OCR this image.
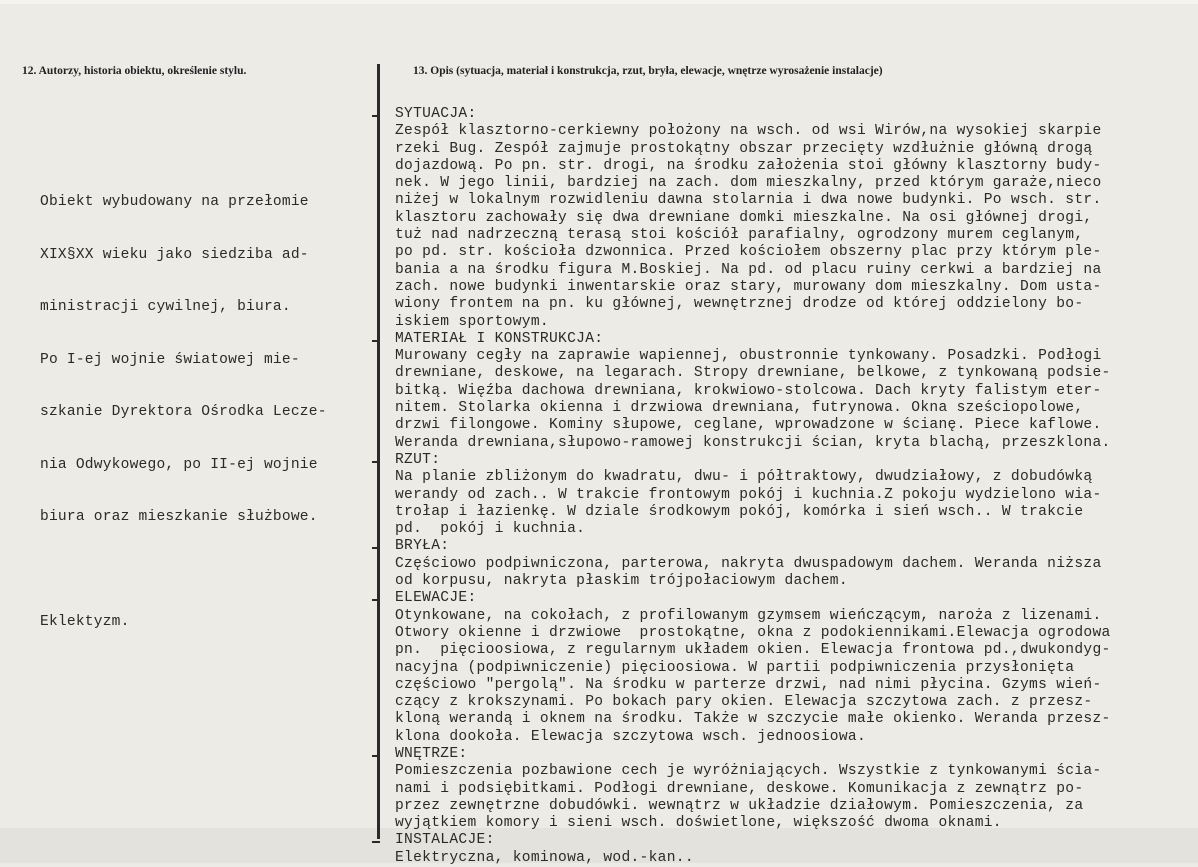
12. Autorzy, historia obiektu, określenie stylu.	13. Opis (sytuacja, materiał i konstrukcja, rzut, bryła, elewacje, wnętrze wyrosażenie instalacje)

Obiekt wybudowany na przełomie

XIX§XX wieku jako siedziba ad-

ministracji cywilnej, biura.

Po I-ej wojnie światowej mie-

szkanie Dyrektora Ośrodka Lecze-

nia Odwykowego, po II-ej wojnie

biura oraz mieszkanie służbowe.

Eklektyzm.

SYTUACJA:

Zespół klasztorno-cerkiewny położony na wsch. od wsi Wirów,na wysokiej skarpie

rzeki Bug. Zespół zajmuje prostokątny obszar przecięty wzdłużnie główną drogą

dojazdową. Po pn. str. drogi, na środku założenia stoi główny klasztorny budy-

nek. W jego linii, bardziej na zach. dom mieszkalny, przed którym garaże,nieco

niżej w lokalnym rozwidleniu dawna stolarnia i dwa nowe budynki. Po wsch. str.

klasztoru zachowały się dwa drewniane domki mieszkalne. Na osi głównej drogi,

tuż nad nadrzeczną terasą stoi kościół parafialny, ogrodzony murem ceglanym,

po pd. str. kościoła dzwonnica. Przed kościołem obszerny plac przy którym ple-

bania a na środku figura M.Boskiej. Na pd. od placu ruiny cerkwi a bardziej na

zach. nowe budynki inwentarskie oraz stary, murowany dom mieszkalny. Dom usta-

wiony frontem na pn. ku głównej, wewnętrznej drodze od której oddzielony bo-

iskiem sportowym.

MATERIAŁ I KONSTRUKCJA:

Murowany cegły na zaprawie wapiennej, obustronnie tynkowany. Posadzki. Podłogi

drewniane, deskowe, na legarach. Stropy drewniane, belkowe, z tynkowaną podsie-

bitką. Więźba dachowa drewniana, krokwiowo-stolcowa. Dach kryty falistym eter-

nitem. Stolarka okienna i drzwiowa drewniana, futrynowa. Okna sześciopolowe,

drzwi filongowe. Kominy słupowe, ceglane, wprowadzone w ścianę. Piece kaflowe.

Weranda drewniana,słupowo-ramowej konstrukcji ścian, kryta blachą, przeszklona.

RZUT:

Na planie zbliżonym do kwadratu, dwu- i półtraktowy, dwudziałowy, z dobudówką

werandy od zach.. W trakcie frontowym pokój i kuchnia.Z pokoju wydzielono wia-

trołap i łazienkę. W dziale środkowym pokój, komórka i sień wsch.. W trakcie

pd.  pokój i kuchnia.

BRYŁA:

Częściowo podpiwniczona, parterowa, nakryta dwuspadowym dachem. Weranda niższa

od korpusu, nakryta płaskim trójpołaciowym dachem.

ELEWACJE:

Otynkowane, na cokołach, z profilowanym gzymsem wieńczącym, naroża z lizenami.

Otwory okienne i drzwiowe  prostokątne, okna z podokiennikami.Elewacja ogrodowa

pn.  pięcioosiowa, z regularnym układem okien. Elewacja frontowa pd.,dwukondyg-

nacyjna (podpiwniczenie) pięcioosiowa. W partii podpiwniczenia przysłonięta

częściowo "pergolą". Na środku w parterze drzwi, nad nimi płycina. Gzyms wień-

czący z krokszynami. Po bokach pary okien. Elewacja szczytowa zach. z przesz-

kloną werandą i oknem na środku. Także w szczycie małe okienko. Weranda przesz-

klona dookoła. Elewacja szczytowa wsch. jednoosiowa.

WNĘTRZE:

Pomieszczenia pozbawione cech je wyróżniających. Wszystkie z tynkowanymi ścia-

nami i podsiębitkami. Podłogi drewniane, deskowe. Komunikacja z zewnątrz po-

przez zewnętrzne dobudówki. wewnątrz w układzie działowym. Pomieszczenia, za

wyjątkiem komory i sieni wsch. doświetlone, większość dwoma oknami.

INSTALACJE:

Elektryczna, kominowa, wod.-kan..
